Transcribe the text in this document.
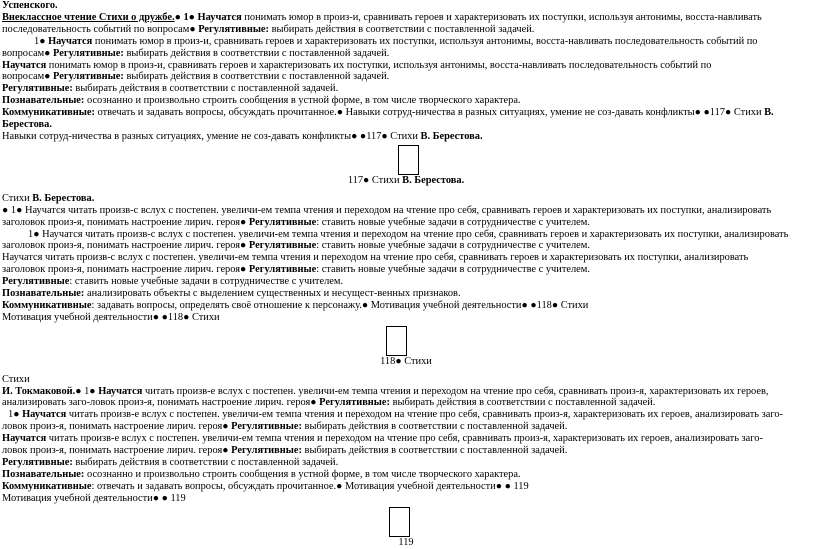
Успенского.

Внеклассное чтение Стихи о дружбе.● 1● Научатся понимать юмор в произ-и, сравнивать героев и характеризовать их поступки, используя антонимы, восста-навливать

последовательность событий по вопросам● Регулятивные: выбирать действия в соответствии с поставленной задачей.

1● Научатся понимать юмор в произ-и, сравнивать героев и характеризовать их поступки, используя антонимы, восста-навливать последовательность событий по

вопросам● Регулятивные: выбирать действия в соответствии с поставленной задачей.

Научатся понимать юмор в произ-и, сравнивать героев и характеризовать их поступки, используя антонимы, восста-навливать последовательность событий по

вопросам● Регулятивные: выбирать действия в соответствии с поставленной задачей.

Регулятивные: выбирать действия в соответствии с поставленной задачей.

Познавательные: осознанно и произвольно строить сообщения в устной форме, в том числе творческого характера.

Коммуникативные: отвечать и задавать вопросы, обсуждать прочитанное.● Навыки сотруд-ничества в разных ситуациях, умение не соз-давать конфликты● ●117● Стихи В.

Берестова.

Навыки сотруд-ничества в разных ситуациях, умение не соз-давать конфликты● ●117● Стихи В. Берестова.

117● Стихи В. Берестова.

Стихи В. Берестова.

● 1● Научатся читать произв-с вслух с постепен. увеличи-ем темпа чтения и переходом на чтение про себя, сравнивать героев и характеризовать их поступки, анализировать

заголовок произ-я, понимать настроение лирич. героя● Регулятивные: ставить новые учебные задачи в сотрудничестве с учителем.

1● Научатся читать произв-с вслух с постепен. увеличи-ем темпа чтения и переходом на чтение про себя, сравнивать героев и характеризовать их поступки, анализировать

заголовок произ-я, понимать настроение лирич. героя● Регулятивные: ставить новые учебные задачи в сотрудничестве с учителем.

Научатся читать произв-с вслух с постепен. увеличи-ем темпа чтения и переходом на чтение про себя, сравнивать героев и характеризовать их поступки, анализировать

заголовок произ-я, понимать настроение лирич. героя● Регулятивные: ставить новые учебные задачи в сотрудничестве с учителем.

Регулятивные: ставить новые учебные задачи в сотрудничестве с учителем.

Познавательные: анализировать объекты с выделением существенных и несущест-венных признаков.

Коммуникативные: задавать вопросы, определять своё отношение к персонажу.● Мотивация учебной деятельности● ●118● Стихи

Мотивация учебной деятельности● ●118● Стихи

118● Стихи

Стихи

И. Токмаковой.● 1● Научатся читать произв-е вслух с постепен. увеличи-ем темпа чтения и переходом на чтение про себя, сравнивать произ-я, характеризовать их героев,

анализировать заго-ловок произ-я, понимать настроение лирич. героя● Регулятивные: выбирать действия в соответствии с поставленной задачей.

1● Научатся читать произв-е вслух с постепен. увеличи-ем темпа чтения и переходом на чтение про себя, сравнивать произ-я, характеризовать их героев, анализировать заго-

ловок произ-я, понимать настроение лирич. героя● Регулятивные: выбирать действия в соответствии с поставленной задачей.

Научатся читать произв-е вслух с постепен. увеличи-ем темпа чтения и переходом на чтение про себя, сравнивать произ-я, характеризовать их героев, анализировать заго-

ловок произ-я, понимать настроение лирич. героя● Регулятивные: выбирать действия в соответствии с поставленной задачей.

Регулятивные: выбирать действия в соответствии с поставленной задачей.

Познавательные: осознанно и произвольно строить сообщения в устной форме, в том числе творческого характера.

Коммуникативные: отвечать и задавать вопросы, обсуждать прочитанное.● Мотивация учебной деятельности● ● 119

Мотивация учебной деятельности● ● 119

119
